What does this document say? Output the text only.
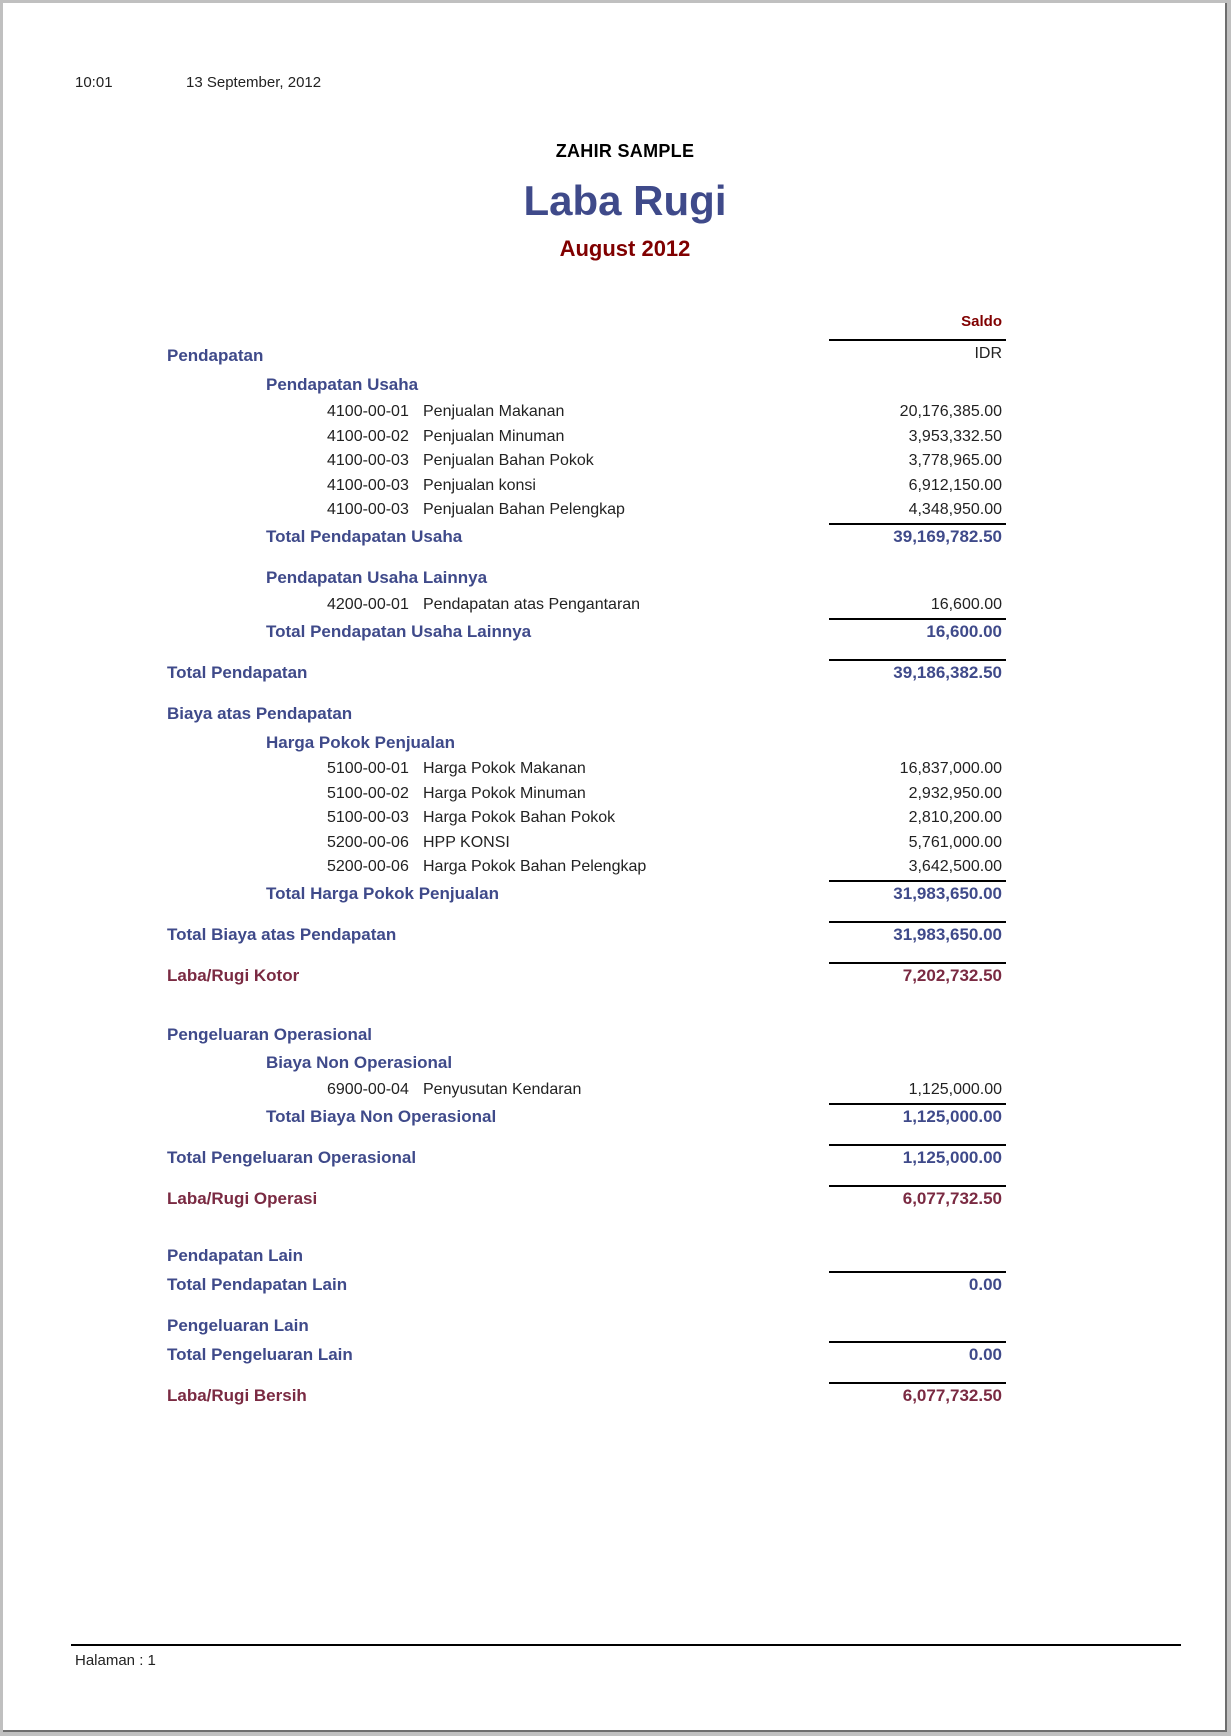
10:01	13 September, 2012
ZAHIR SAMPLE
Laba Rugi
August 2012
Saldo
IDR
Pendapatan
Pendapatan Usaha
4100-00-01 Penjualan Makanan	20,176,385.00
4100-00-02 Penjualan Minuman	3,953,332.50
4100-00-03 Penjualan Bahan Pokok	3,778,965.00
4100-00-03 Penjualan konsi	6,912,150.00
4100-00-03 Penjualan Bahan Pelengkap	4,348,950.00
Total Pendapatan Usaha	39,169,782.50
Pendapatan Usaha Lainnya
4200-00-01 Pendapatan atas Pengantaran	16,600.00
Total Pendapatan Usaha Lainnya	16,600.00
Total Pendapatan	39,186,382.50
Biaya atas Pendapatan
Harga Pokok Penjualan
5100-00-01 Harga Pokok Makanan	16,837,000.00
5100-00-02 Harga Pokok Minuman	2,932,950.00
5100-00-03 Harga Pokok Bahan Pokok	2,810,200.00
5200-00-06 HPP KONSI	5,761,000.00
5200-00-06 Harga Pokok Bahan Pelengkap	3,642,500.00
Total Harga Pokok Penjualan	31,983,650.00
Total Biaya atas Pendapatan	31,983,650.00
Laba/Rugi Kotor	7,202,732.50
Pengeluaran Operasional
Biaya Non Operasional
6900-00-04 Penyusutan Kendaran	1,125,000.00
Total Biaya Non Operasional	1,125,000.00
Total Pengeluaran Operasional	1,125,000.00
Laba/Rugi Operasi	6,077,732.50
Pendapatan Lain
Total Pendapatan Lain	0.00
Pengeluaran Lain
Total Pengeluaran Lain	0.00
Laba/Rugi Bersih	6,077,732.50
Halaman : 1
